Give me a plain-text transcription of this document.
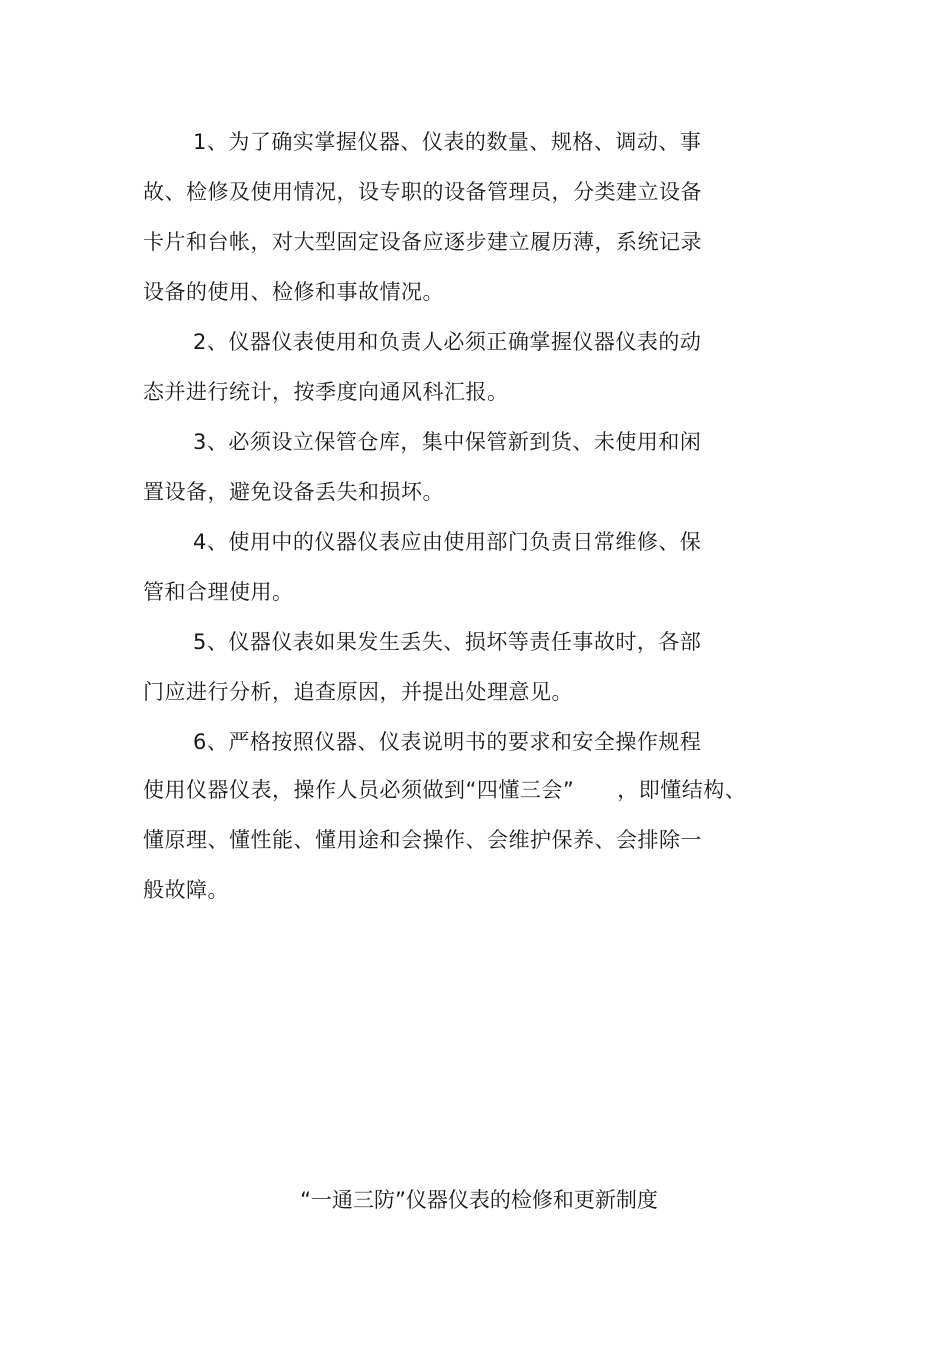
1、为了确实掌握仪器、仪表的数量、规格、调动、事
故、检修及使用情况，设专职的设备管理员，分类建立设备
卡片和台帐，对大型固定设备应逐步建立履历薄，系统记录
设备的使用、检修和事故情况。
2、仪器仪表使用和负责人必须正确掌握仪器仪表的动
态并进行统计，按季度向通风科汇报。
3、必须设立保管仓库，集中保管新到货、未使用和闲
置设备，避免设备丢失和损坏。
4、使用中的仪器仪表应由使用部门负责日常维修、保
管和合理使用。
5、仪器仪表如果发生丢失、损坏等责任事故时，各部
门应进行分析，追查原因，并提出处理意见。
6、严格按照仪器、仪表说明书的要求和安全操作规程
使用仪器仪表，操作人员必须做到“四懂三会”　　，即懂结构、
懂原理、懂性能、懂用途和会操作、会维护保养、会排除一
般故障。
“一通三防”仪器仪表的检修和更新制度
